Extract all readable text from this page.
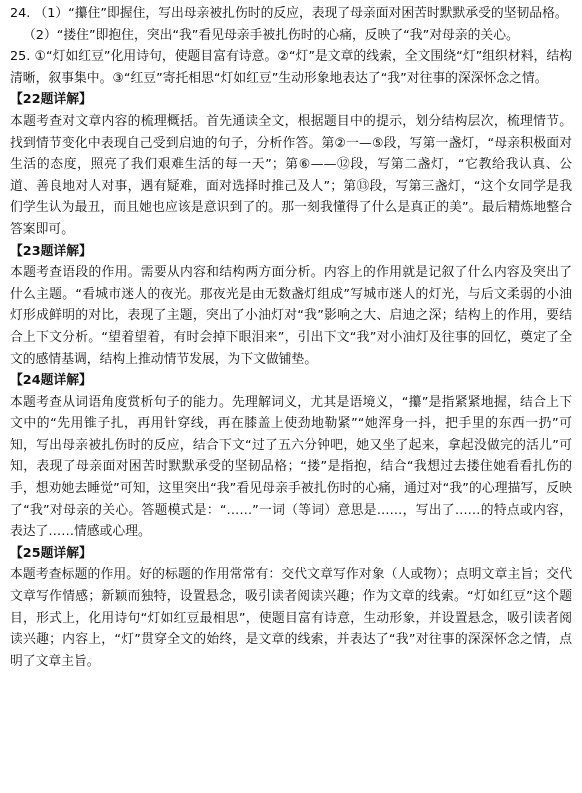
24. （1）“攥住”即握住，写出母亲被扎伤时的反应，表现了母亲面对困苦时默默承受的坚韧品格。

（2）“搂住”即抱住，突出“我”看见母亲手被扎伤时的心痛，反映了“我”对母亲的关心。

25. ①“灯如红豆”化用诗句，使题目富有诗意。②“灯”是文章的线索，全文围绕“灯”组织材料，结构清晰，叙事集中。③“红豆”寄托相思“灯如红豆”生动形象地表达了“我”对往事的深深怀念之情。

【22题详解】

本题考查对文章内容的梳理概括。首先通读全文，根据题目中的提示，划分结构层次，梳理情节。找到情节变化中表现自己受到启迪的句子，分析作答。第②一—⑤段，写第一盏灯，“母亲积极面对生活的态度，照亮了我们艰难生活的每一天”；第⑥——⑫段，写第二盏灯，“它教给我认真、公道、善良地对人对事，遇有疑难，面对选择时推己及人”；第⑬段，写第三盏灯，“这个女同学是我们学生认为最丑，而且她也应该是意识到了的。那一刻我懂得了什么是真正的美”。最后精炼地整合答案即可。

【23题详解】

本题考查语段的作用。需要从内容和结构两方面分析。内容上的作用就是记叙了什么内容及突出了什么主题。“看城市迷人的夜光。那夜光是由无数盏灯组成”写城市迷人的灯光，与后文柔弱的小油灯形成鲜明的对比，表现了主题，突出了小油灯对“我”影响之大、启迪之深；结构上的作用，要结合上下文分析。“望着望着，有时会掉下眼泪来”，引出下文“我”对小油灯及往事的回忆，奠定了全文的感情基调，结构上推动情节发展，为下文做铺垫。

【24题详解】

本题考查从词语角度赏析句子的能力。先理解词义，尤其是语境义，“攥”是指紧紧地握，结合上下文中的“先用锥子扎，再用针穿线，再在膝盖上使劲地勒紧”“她浑身一抖，把手里的东西一扔”可知，写出母亲被扎伤时的反应，结合下文“过了五六分钟吧，她又坐了起来，拿起没做完的活儿”可知，表现了母亲面对困苦时默默承受的坚韧品格；“搂”是指抱，结合“我想过去搂住她看看扎伤的手，想劝她去睡觉”可知，这里突出“我”看见母亲手被扎伤时的心痛，通过对“我”的心理描写，反映了“我”对母亲的关心。答题模式是：“……”一词（等词）意思是……，写出了……的特点或内容，表达了……情感或心理。

【25题详解】

本题考查标题的作用。好的标题的作用常常有：交代文章写作对象（人或物）；点明文章主旨；交代文章写作情感；新颖而独特，设置悬念，吸引读者阅读兴趣；作为文章的线索。“灯如红豆”这个题目，形式上，化用诗句“灯如红豆最相思”，使题目富有诗意，生动形象，并设置悬念，吸引读者阅读兴趣；内容上，“灯”贯穿全文的始终，是文章的线索，并表达了“我”对往事的深深怀念之情，点明了文章主旨。
